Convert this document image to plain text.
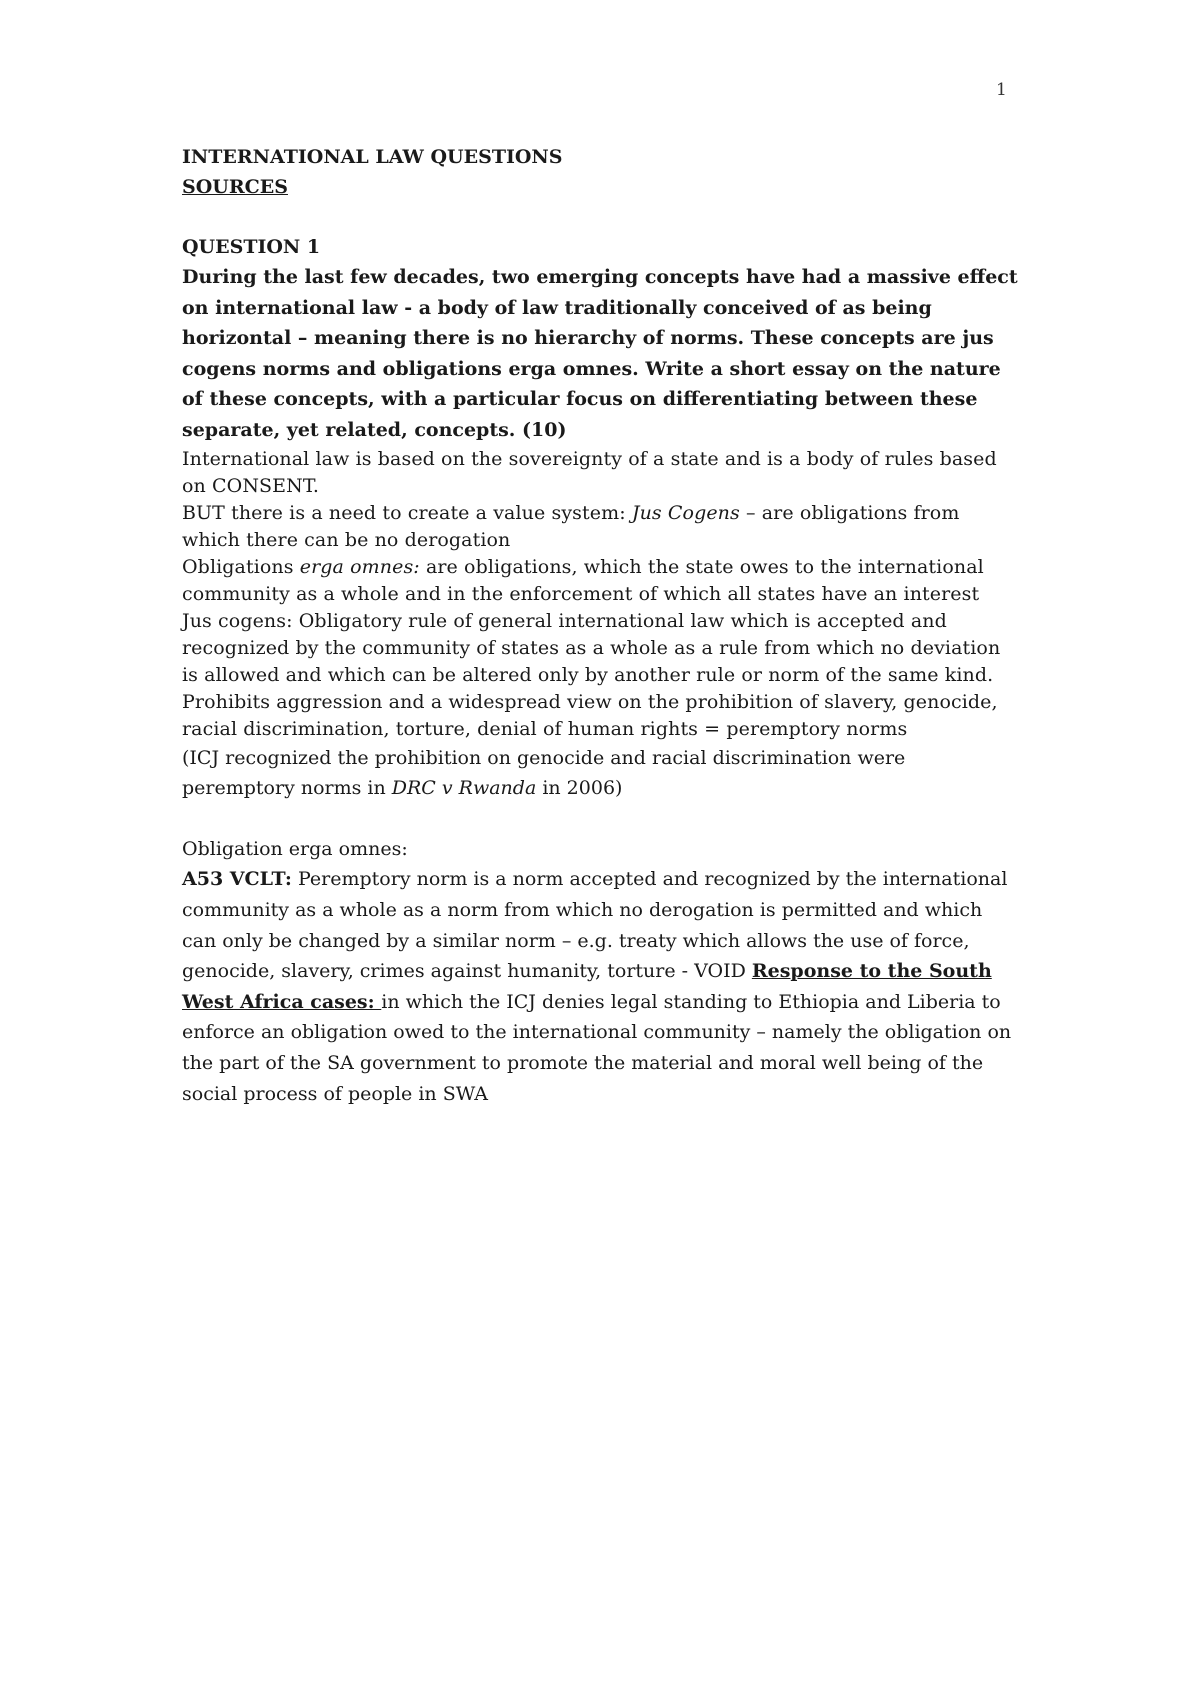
1

INTERNATIONAL LAW QUESTIONS

SOURCES

QUESTION 1

During the last few decades, two emerging concepts have had a massive effect on international law - a body of law traditionally conceived of as being horizontal – meaning there is no hierarchy of norms. These concepts are jus cogens norms and obligations erga omnes. Write a short essay on the nature of these concepts, with a particular focus on differentiating between these separate, yet related, concepts. (10)

International law is based on the sovereignty of a state and is a body of rules based on CONSENT.

BUT there is a need to create a value system: Jus Cogens – are obligations from which there can be no derogation

Obligations erga omnes: are obligations, which the state owes to the international community as a whole and in the enforcement of which all states have an interest

Jus cogens: Obligatory rule of general international law which is accepted and recognized by the community of states as a whole as a rule from which no deviation is allowed and which can be altered only by another rule or norm of the same kind.

Prohibits aggression and a widespread view on the prohibition of slavery, genocide, racial discrimination, torture, denial of human rights = peremptory norms

(ICJ recognized the prohibition on genocide and racial discrimination were peremptory norms in DRC v Rwanda in 2006)

Obligation erga omnes:

A53 VCLT: Peremptory norm is a norm accepted and recognized by the international community as a whole as a norm from which no derogation is permitted and which can only be changed by a similar norm – e.g. treaty which allows the use of force, genocide, slavery, crimes against humanity, torture - VOID Response to the South West Africa cases: in which the ICJ denies legal standing to Ethiopia and Liberia to enforce an obligation owed to the international community – namely the obligation on the part of the SA government to promote the material and moral well being of the social process of people in SWA
